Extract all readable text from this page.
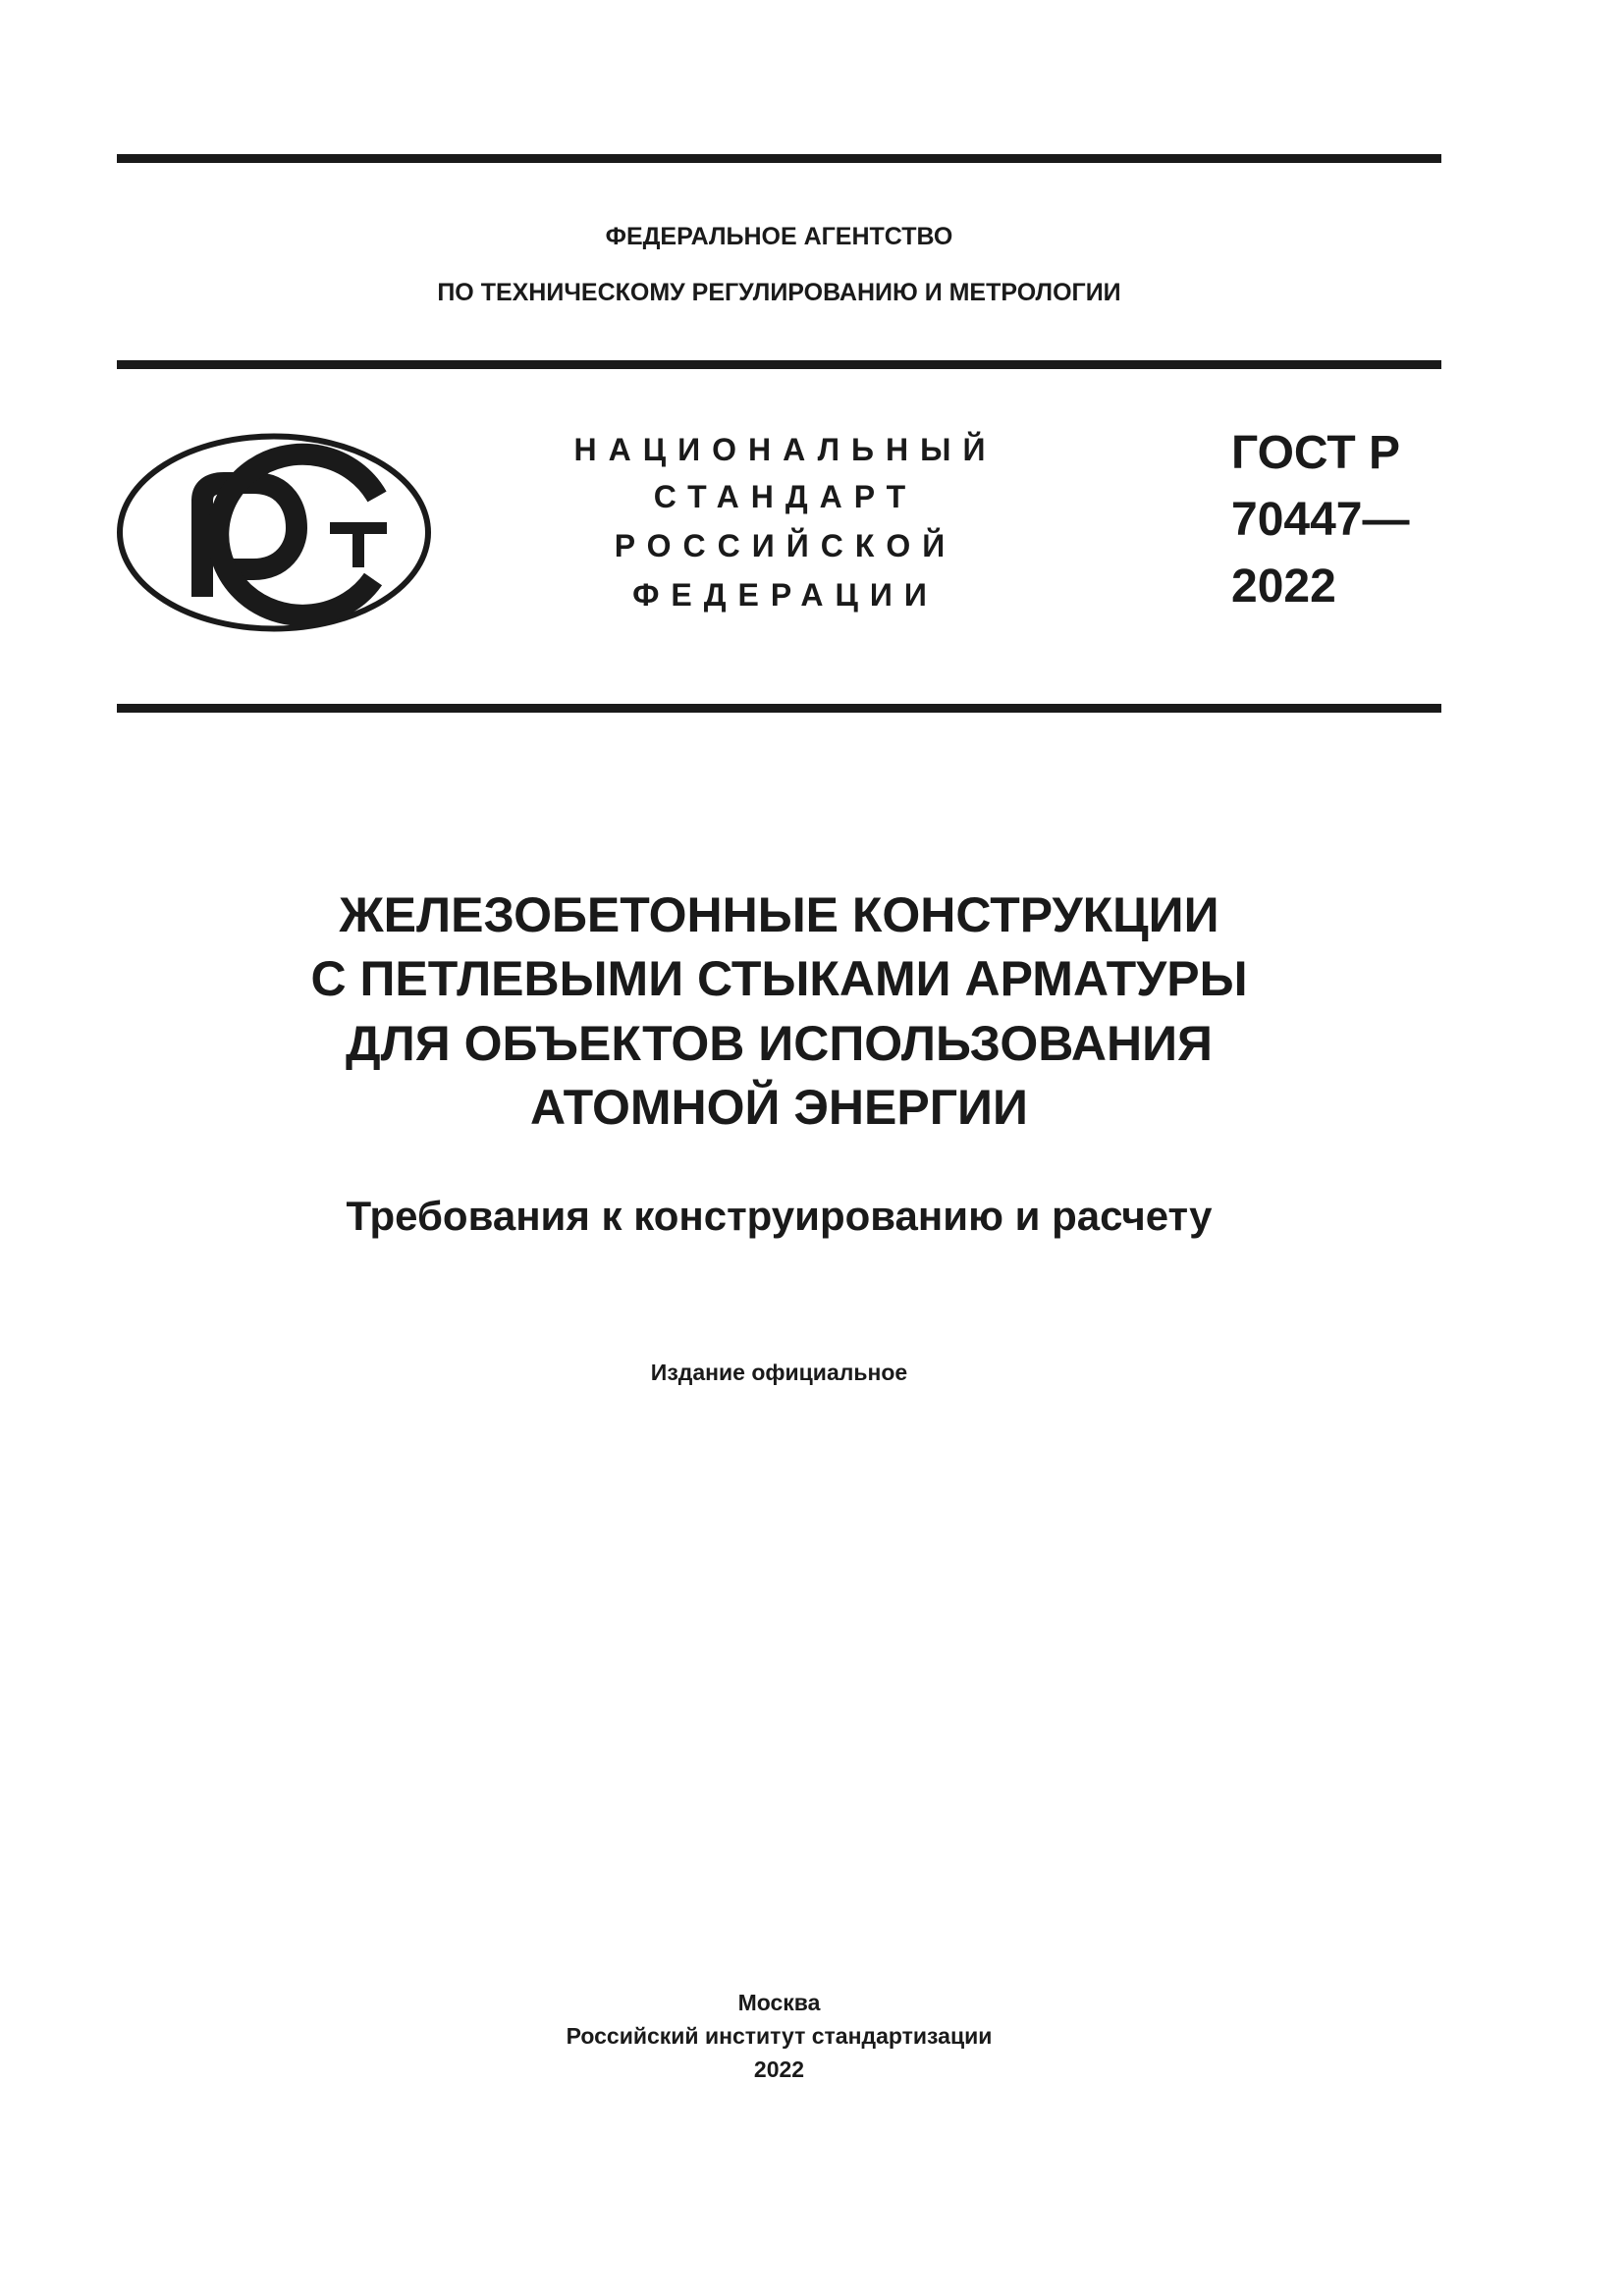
ФЕДЕРАЛЬНОЕ АГЕНТСТВО
ПО ТЕХНИЧЕСКОМУ РЕГУЛИРОВАНИЮ И МЕТРОЛОГИИ
НАЦИОНАЛЬНЫЙ
СТАНДАРТ
РОССИЙСКОЙ
ФЕДЕРАЦИИ
ГОСТ Р
70447—
2022
ЖЕЛЕЗОБЕТОННЫЕ КОНСТРУКЦИИ
С ПЕТЛЕВЫМИ СТЫКАМИ АРМАТУРЫ
ДЛЯ ОБЪЕКТОВ ИСПОЛЬЗОВАНИЯ
АТОМНОЙ ЭНЕРГИИ
Требования к конструированию и расчету
Издание официальное
Москва
Российский институт стандартизации
2022
